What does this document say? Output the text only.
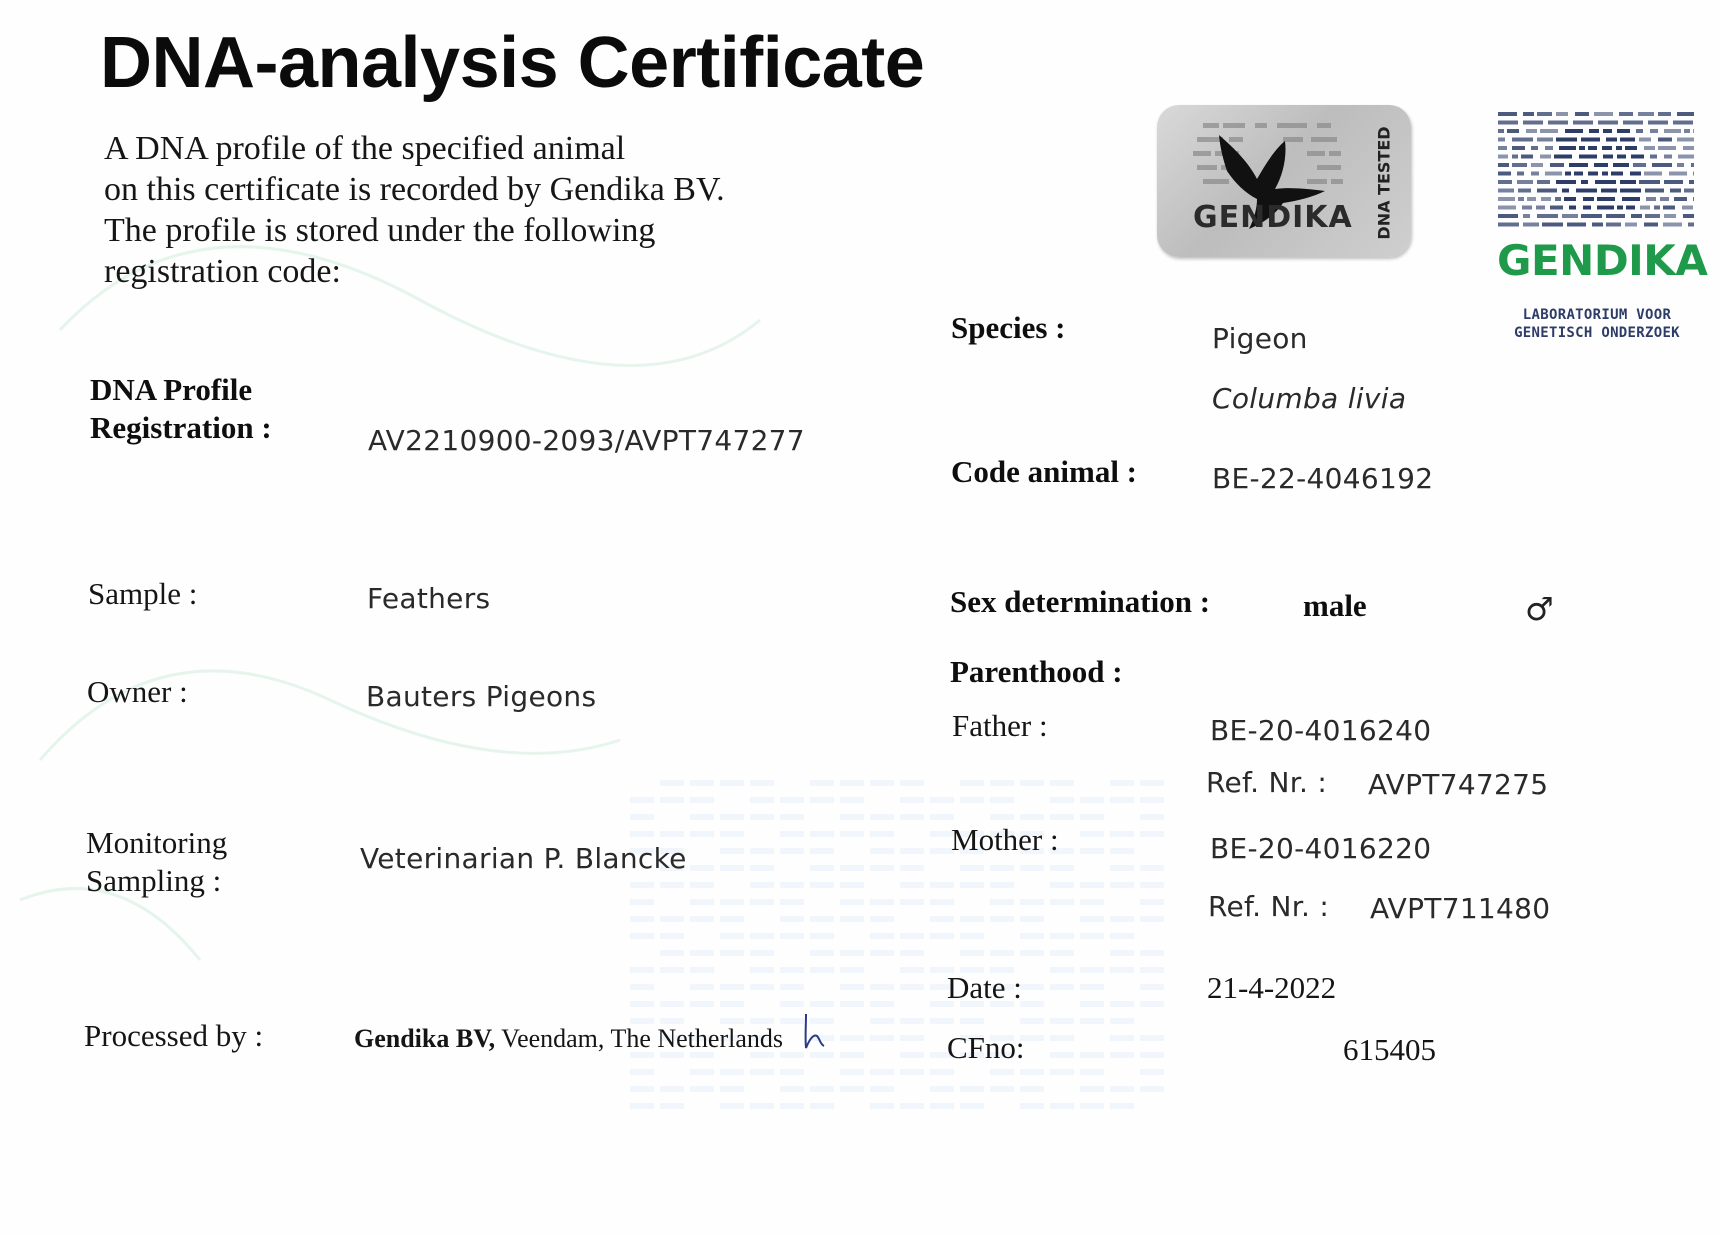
DNA-analysis Certificate
A DNA profile of the specified animal
on this certificate is recorded by Gendika BV.
The profile is stored under the following
registration code:
GENDIKA DNA TESTED
GENDIKA
LABORATORIUM VOOR
GENETISCH ONDERZOEK
DNA Profile
Registration :	AV2210900-2093/AVPT747277
Sample :	Feathers
Owner :	Bauters Pigeons
Monitoring
Sampling :
Veterinarian P. Blancke
Processed by :	Gendika BV, Veendam, The Netherlands
Species :	Pigeon
Columba livia
Code animal :	BE-22-4046192
Sex determination :	male	♂
Parenthood :
Father :	BE-20-4016240
Ref. Nr. : AVPT747275
Mother :	BE-20-4016220
Ref. Nr. : AVPT711480
Date :	21-4-2022
CFno:	615405
